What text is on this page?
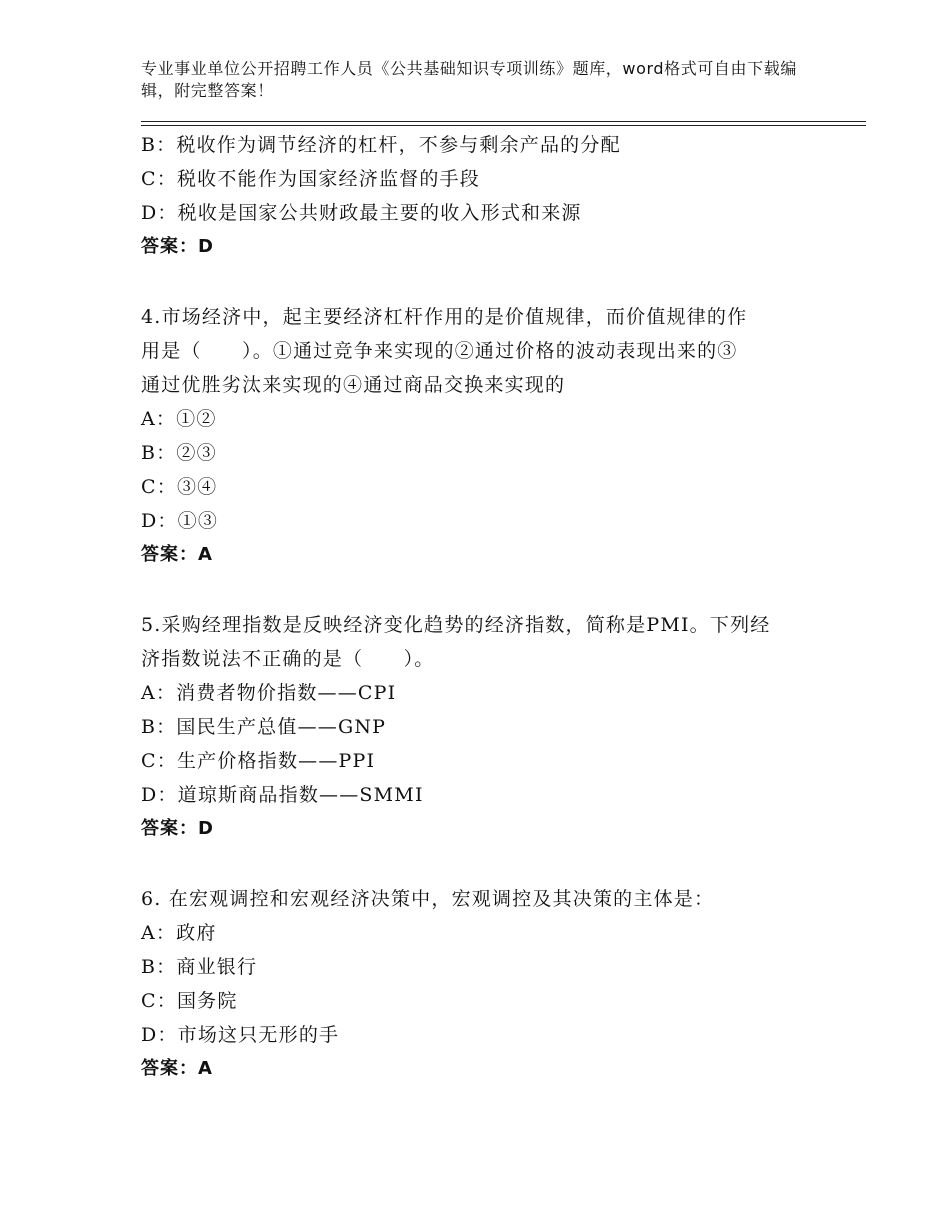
专业事业单位公开招聘工作人员《公共基础知识专项训练》题库，word格式可自由下载编辑，附完整答案！
B：税收作为调节经济的杠杆，不参与剩余产品的分配
C：税收不能作为国家经济监督的手段
D：税收是国家公共财政最主要的收入形式和来源
答案：D
4.市场经济中，起主要经济杠杆作用的是价值规律，而价值规律的作
用是（　　）。①通过竞争来实现的②通过价格的波动表现出来的③
通过优胜劣汰来实现的④通过商品交换来实现的
A：①②
B：②③
C：③④
D：①③
答案：A
5.采购经理指数是反映经济变化趋势的经济指数，简称是PMI。下列经
济指数说法不正确的是（　　）。
A：消费者物价指数——CPI
B：国民生产总值——GNP
C：生产价格指数——PPI
D：道琼斯商品指数——SMMI
答案：D
6. 在宏观调控和宏观经济决策中，宏观调控及其决策的主体是：
A：政府
B：商业银行
C：国务院
D：市场这只无形的手
答案：A
